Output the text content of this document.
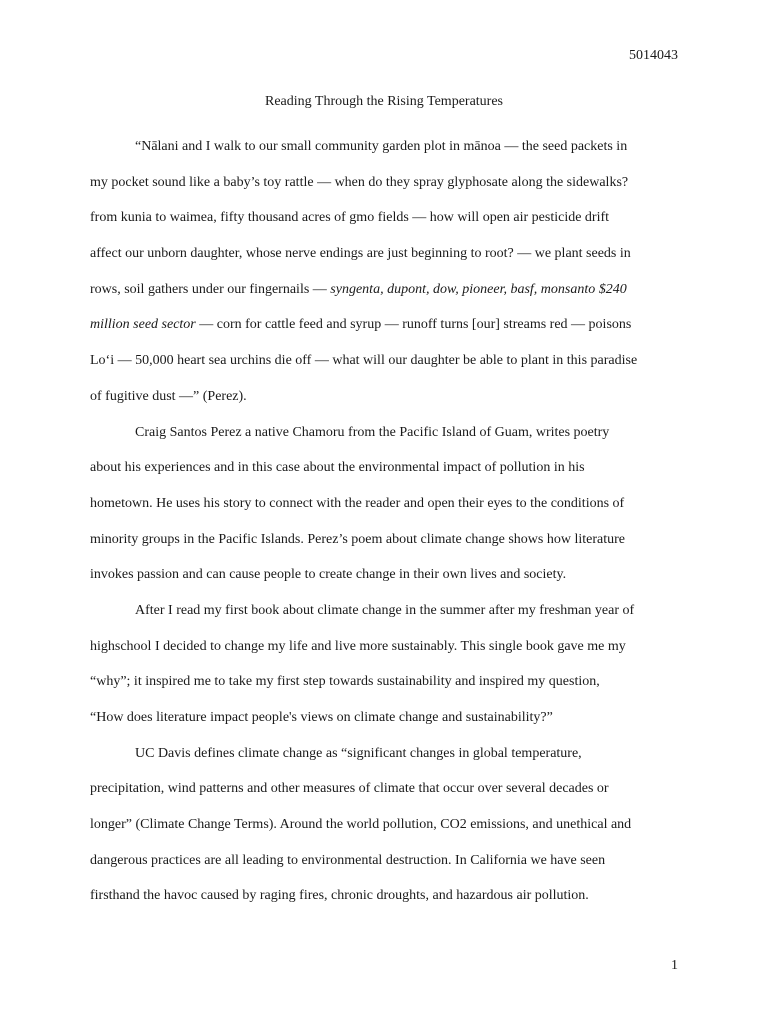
5014043
Reading Through the Rising Temperatures
“Nālani and I walk to our small community garden plot in mānoa — the seed packets in
my pocket sound like a baby’s toy rattle — when do they spray glyphosate along the sidewalks?
from kunia to waimea, fifty thousand acres of gmo fields — how will open air pesticide drift
affect our unborn daughter, whose nerve endings are just beginning to root? — we plant seeds in
rows, soil gathers under our fingernails — syngenta, dupont, dow, pioneer, basf, monsanto $240
million seed sector — corn for cattle feed and syrup — runoff turns [our] streams red — poisons
Loʻi — 50,000 heart sea urchins die off — what will our daughter be able to plant in this paradise
of fugitive dust —” (Perez).
Craig Santos Perez a native Chamoru from the Pacific Island of Guam, writes poetry
about his experiences and in this case about the environmental impact of pollution in his
hometown. He uses his story to connect with the reader and open their eyes to the conditions of
minority groups in the Pacific Islands. Perez’s poem about climate change shows how literature
invokes passion and can cause people to create change in their own lives and society.
After I read my first book about climate change in the summer after my freshman year of
highschool I decided to change my life and live more sustainably. This single book gave me my
“why”; it inspired me to take my first step towards sustainability and inspired my question,
“How does literature impact people's views on climate change and sustainability?”
UC Davis defines climate change as “significant changes in global temperature,
precipitation, wind patterns and other measures of climate that occur over several decades or
longer” (Climate Change Terms). Around the world pollution, CO2 emissions, and unethical and
dangerous practices are all leading to environmental destruction. In California we have seen
firsthand the havoc caused by raging fires, chronic droughts, and hazardous air pollution.
1
